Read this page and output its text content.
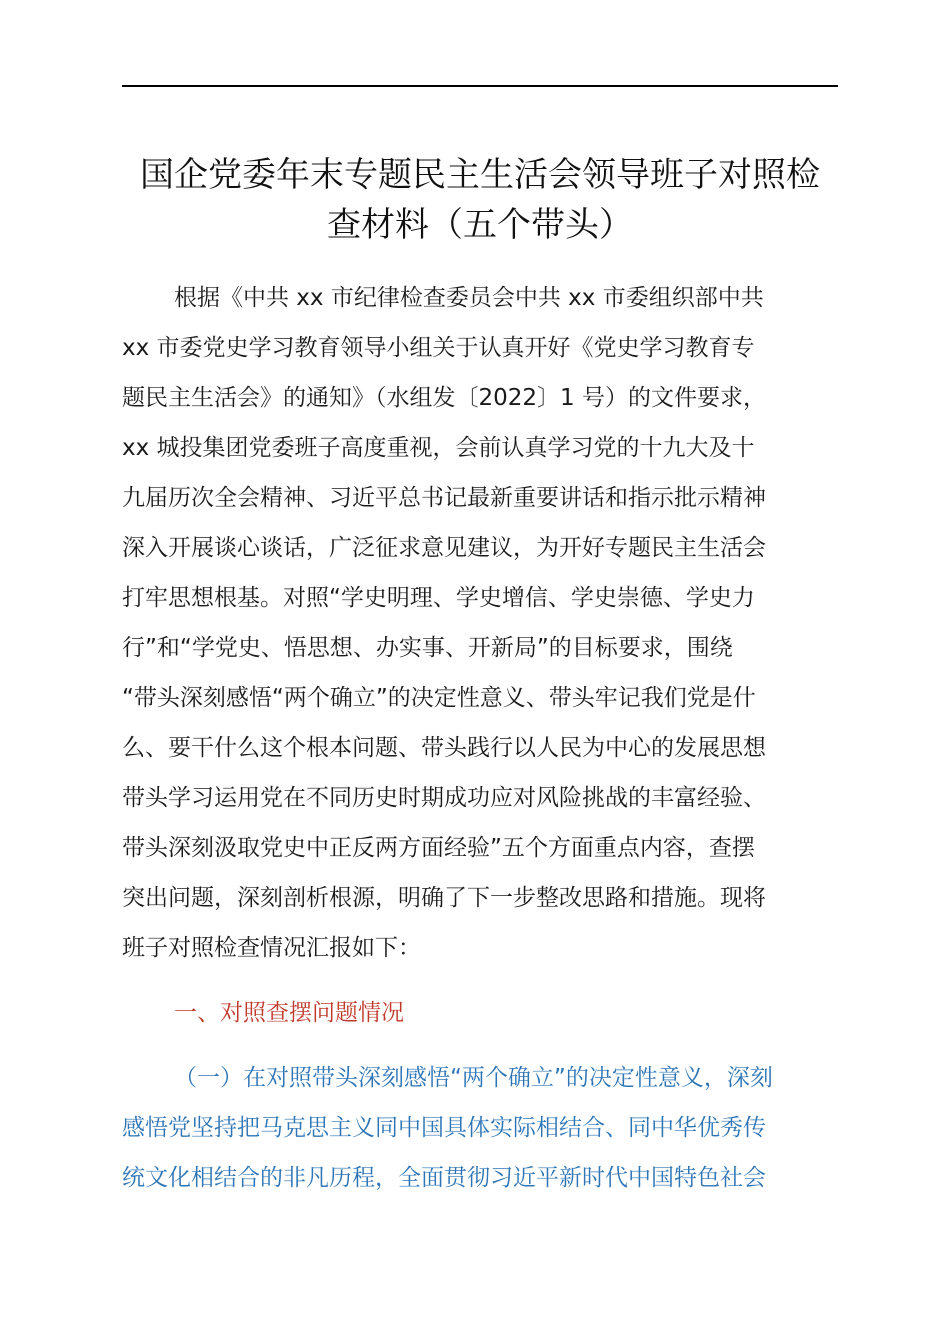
国企党委年末专题民主生活会领导班子对照检
查材料（五个带头）
根据《中共 xx 市纪律检查委员会中共 xx 市委组织部中共
xx 市委党史学习教育领导小组关于认真开好《党史学习教育专
题民主生活会》的通知》（水组发〔2022〕1 号）的文件要求，
xx 城投集团党委班子高度重视，会前认真学习党的十九大及十
九届历次全会精神、习近平总书记最新重要讲话和指示批示精神
深入开展谈心谈话，广泛征求意见建议，为开好专题民主生活会
打牢思想根基。对照“学史明理、学史增信、学史崇德、学史力
行”和“学党史、悟思想、办实事、开新局”的目标要求，围绕
“带头深刻感悟“两个确立”的决定性意义、带头牢记我们党是什
么、要干什么这个根本问题、带头践行以人民为中心的发展思想
带头学习运用党在不同历史时期成功应对风险挑战的丰富经验、
带头深刻汲取党史中正反两方面经验”五个方面重点内容，查摆
突出问题，深刻剖析根源，明确了下一步整改思路和措施。现将
班子对照检查情况汇报如下：
一、对照查摆问题情况
（一）在对照带头深刻感悟“两个确立”的决定性意义，深刻
感悟党坚持把马克思主义同中国具体实际相结合、同中华优秀传
统文化相结合的非凡历程，全面贯彻习近平新时代中国特色社会
